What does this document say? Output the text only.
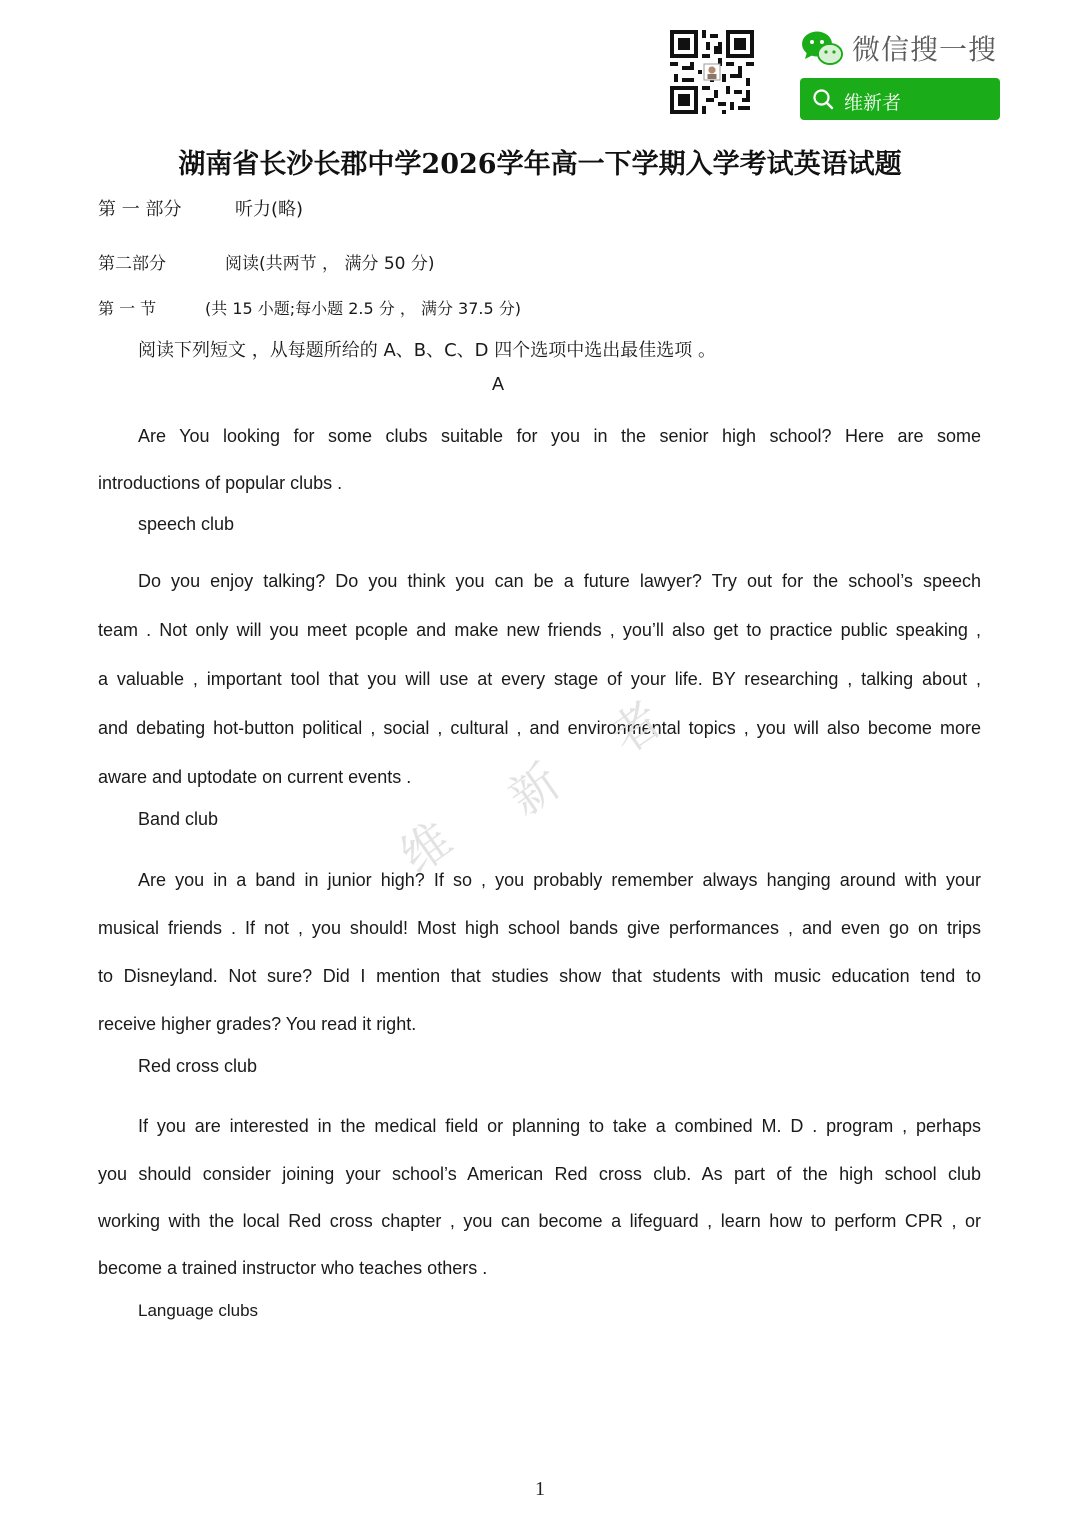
微信搜一搜
维新者
湖南省长沙长郡中学2026学年高一下学期入学考试英语试题
第 一 部分	听力(略)
第二部分	阅读(共两节 ， 满分 50 分)
第 一 节	(共 15 小题;每小题 2.5 分 ， 满分 37.5 分)
阅读下列短文 ，从每题所给的 A、B、C、D 四个选项中选出最佳选项 。
A
Are You looking for some clubs suitable for you in the senior high school? Here are some
introductions of popular clubs .
speech club
Do you enjoy talking? Do you think you can be a future lawyer? Try out for the school’s speech
team . Not only will you meet pcople and make new friends , you’ll also get to practice public speaking ,
a valuable , important tool that you will use at every stage of your life. BY researching , talking about ,
and debating hot-button political , social , cultural , and environmental topics , you will also become more
aware and uptodate on current events .
Band club
Are you in a band in junior high? If so , you probably remember always hanging around with your
musical friends . If not , you should! Most high school bands give performances , and even go on trips
to Disneyland. Not sure? Did I mention that studies show that students with music education tend to
receive higher grades? You read it right.
Red cross club
If you are interested in the medical field or planning to take a combined M. D . program , perhaps
you should consider joining your school’s American Red cross club. As part of the high school club
working with the local Red cross chapter , you can become a lifeguard , learn how to perform CPR , or
become a trained instructor who teaches others .
Language clubs
维
新
者
1
